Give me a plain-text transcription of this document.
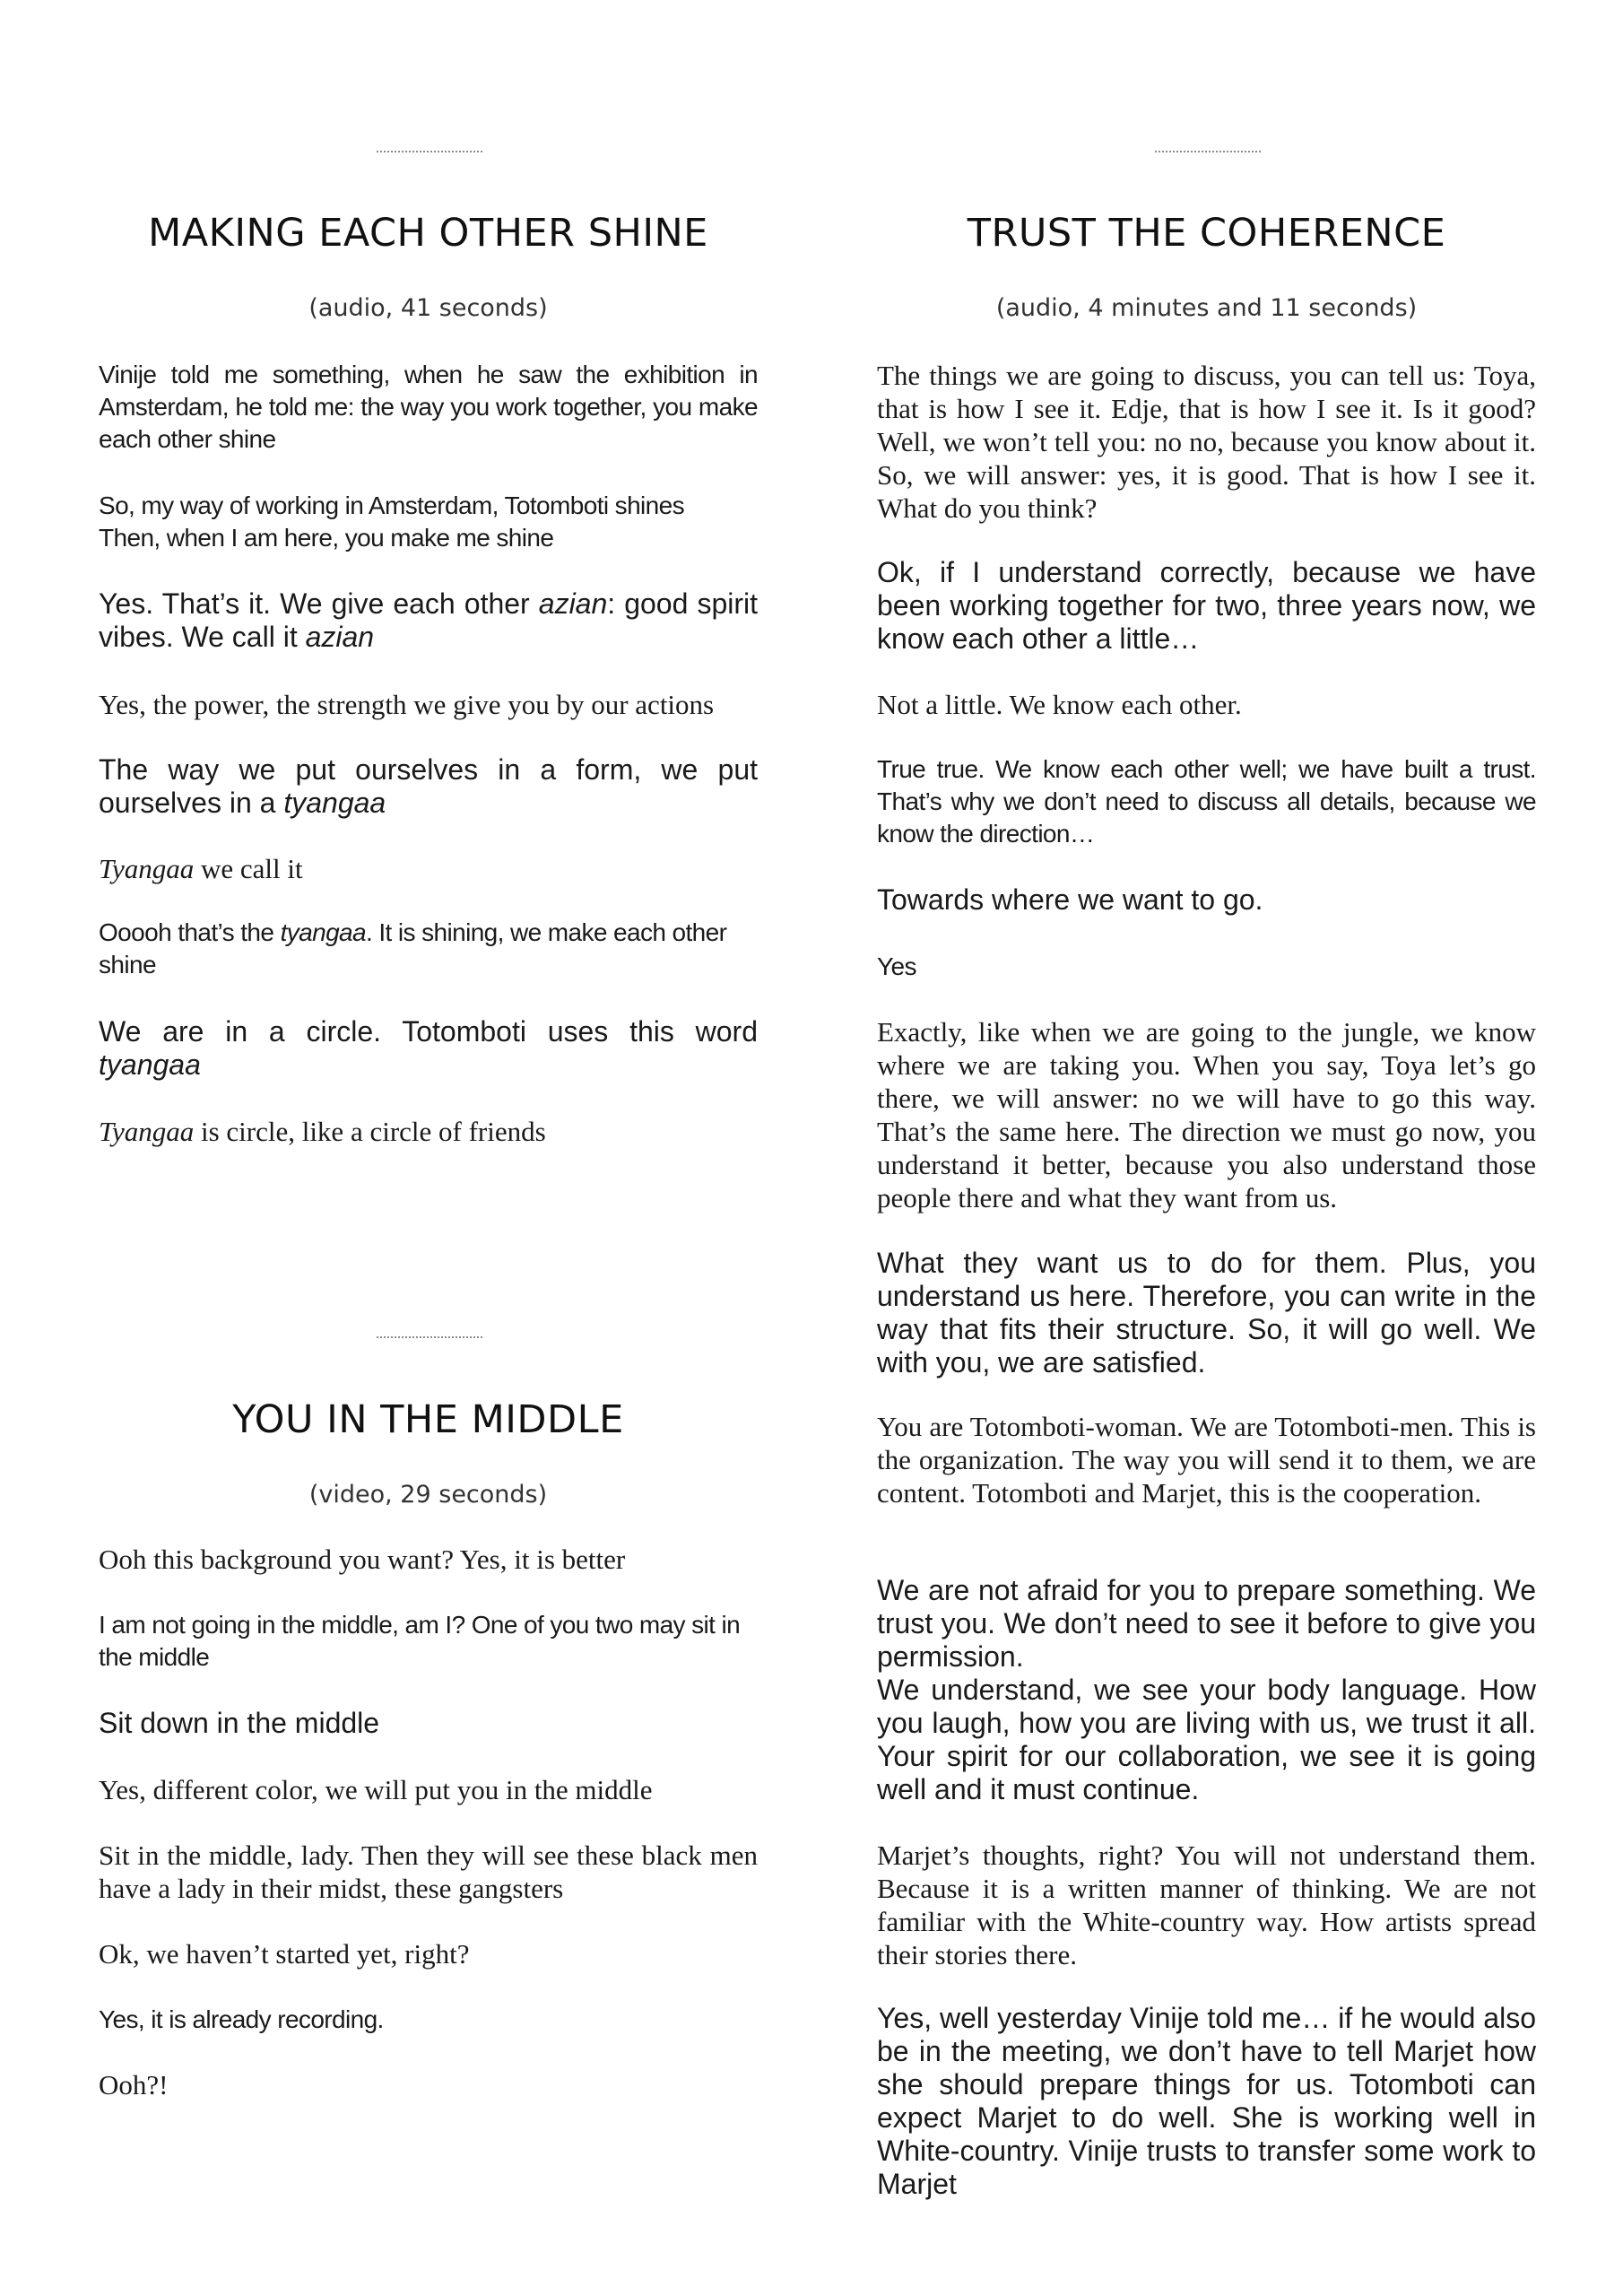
MAKING EACH OTHER SHINE
(audio, 41 seconds)

Vinije told me something, when he saw the exhibition in Amsterdam, he told me: the way you work together, you make each other shine

So, my way of working in Amsterdam, Totomboti shines
Then, when I am here, you make me shine

Yes. That’s it. We give each other azian: good spirit vibes. We call it azian

Yes, the power, the strength we give you by our actions

The way we put ourselves in a form, we put ourselves in a tyangaa

Tyangaa we call it

Ooooh that’s the tyangaa. It is shining, we make each other shine

We are in a circle. Totomboti uses this word tyangaa

Tyangaa is circle, like a circle of friends

YOU IN THE MIDDLE
(video, 29 seconds)

Ooh this background you want? Yes, it is better

I am not going in the middle, am I? One of you two may sit in the middle

Sit down in the middle

Yes, different color, we will put you in the middle

Sit in the middle, lady. Then they will see these black men have a lady in their midst, these gangsters

Ok, we haven’t started yet, right?

Yes, it is already recording.

Ooh?!

TRUST THE COHERENCE
(audio, 4 minutes and 11 seconds)

The things we are going to discuss, you can tell us: Toya, that is how I see it. Edje, that is how I see it. Is it good? Well, we won’t tell you: no no, because you know about it. So, we will answer: yes, it is good. That is how I see it. What do you think?

Ok, if I understand correctly, because we have been working together for two, three years now, we know each other a little…

Not a little. We know each other.

True true. We know each other well; we have built a trust. That’s why we don’t need to discuss all details, because we know the direction…

Towards where we want to go.

Yes

Exactly, like when we are going to the jungle, we know where we are taking you. When you say, Toya let’s go there, we will answer: no we will have to go this way. That’s the same here. The direction we must go now, you understand it better, because you also understand those people there and what they want from us.

What they want us to do for them. Plus, you understand us here. Therefore, you can write in the way that fits their structure. So, it will go well. We with you, we are satisfied.

You are Totomboti-woman. We are Totomboti-men. This is the organization. The way you will send it to them, we are content. Totomboti and Marjet, this is the cooperation.

We are not afraid for you to prepare something. We trust you. We don’t need to see it before to give you permission.
We understand, we see your body language. How you laugh, how you are living with us, we trust it all. Your spirit for our collaboration, we see it is going well and it must continue.

Marjet’s thoughts, right? You will not understand them. Because it is a written manner of thinking. We are not familiar with the White-country way. How artists spread their stories there.

Yes, well yesterday Vinije told me… if he would also be in the meeting, we don’t have to tell Marjet how she should prepare things for us. Totomboti can expect Marjet to do well. She is working well in White-country. Vinije trusts to transfer some work to Marjet
